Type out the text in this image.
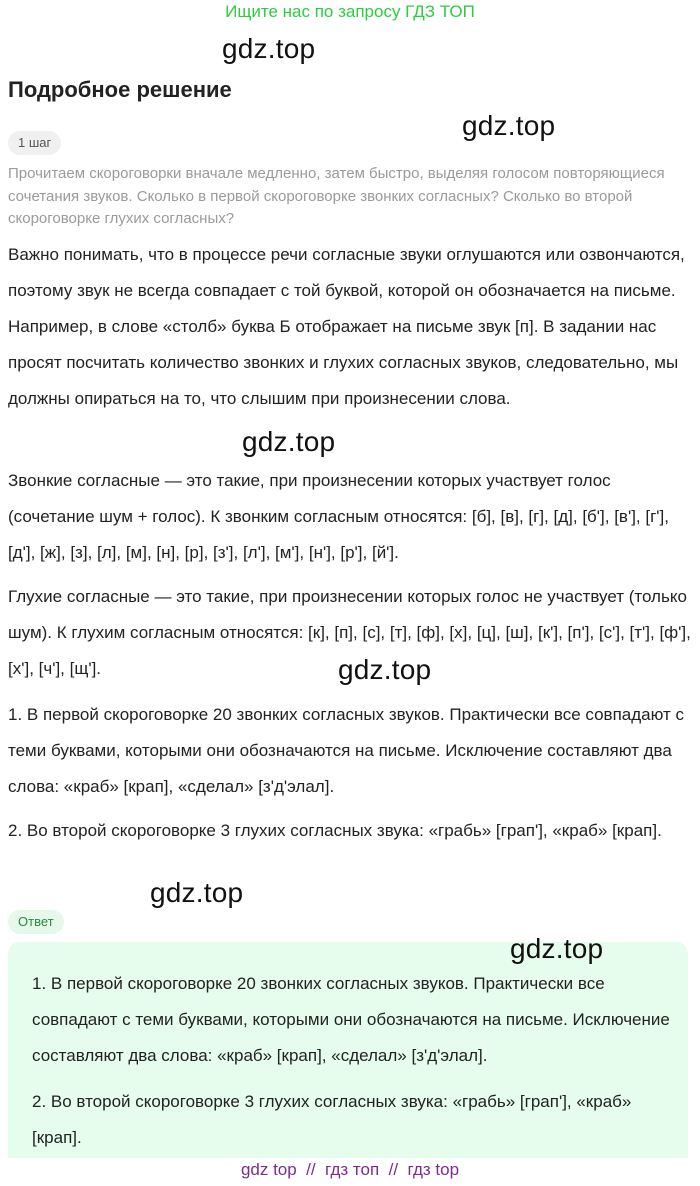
Ищите нас по запросу ГДЗ ТОП
gdz.top
Подробное решение
gdz.top
1 шаг
Прочитаем скороговорки вначале медленно, затем быстро, выделяя голосом повторяющиеся сочетания звуков. Сколько в первой скороговорке звонких согласных? Сколько во второй скороговорке глухих согласных?
Важно понимать, что в процессе речи согласные звуки оглушаются или озвончаются, поэтому звук не всегда совпадает с той буквой, которой он обозначается на письме. Например, в слове «столб» буква Б отображает на письме звук [п]. В задании нас просят посчитать количество звонких и глухих согласных звуков, следовательно, мы должны опираться на то, что слышим при произнесении слова.
gdz.top
Звонкие согласные — это такие, при произнесении которых участвует голос (сочетание шум + голос). К звонким согласным относятся: [б], [в], [г], [д], [б'], [в'], [г'], [д'], [ж], [з], [л], [м], [н], [р], [з'], [л'], [м'], [н'], [р'], [й'].
Глухие согласные — это такие, при произнесении которых голос не участвует (только шум). К глухим согласным относятся: [к], [п], [с], [т], [ф], [х], [ц], [ш], [к'], [п'], [с'], [т'], [ф'], [х'], [ч'], [щ'].	gdz.top
1. В первой скороговорке 20 звонких согласных звуков. Практически все совпадают с теми буквами, которыми они обозначаются на письме. Исключение составляют два слова: «краб» [крап], «сделал» [з'д'элал].
2. Во второй скороговорке 3 глухих согласных звука: «грабь» [грап'], «краб» [крап].
gdz.top
Ответ
gdz.top
1. В первой скороговорке 20 звонких согласных звуков. Практически все совпадают с теми буквами, которыми они обозначаются на письме. Исключение составляют два слова: «краб» [крап], «сделал» [з'д'элал].
2. Во второй скороговорке 3 глухих согласных звука: «грабь» [грап'], «краб» [крап].
gdz top  //  гдз топ  //  гдз top
